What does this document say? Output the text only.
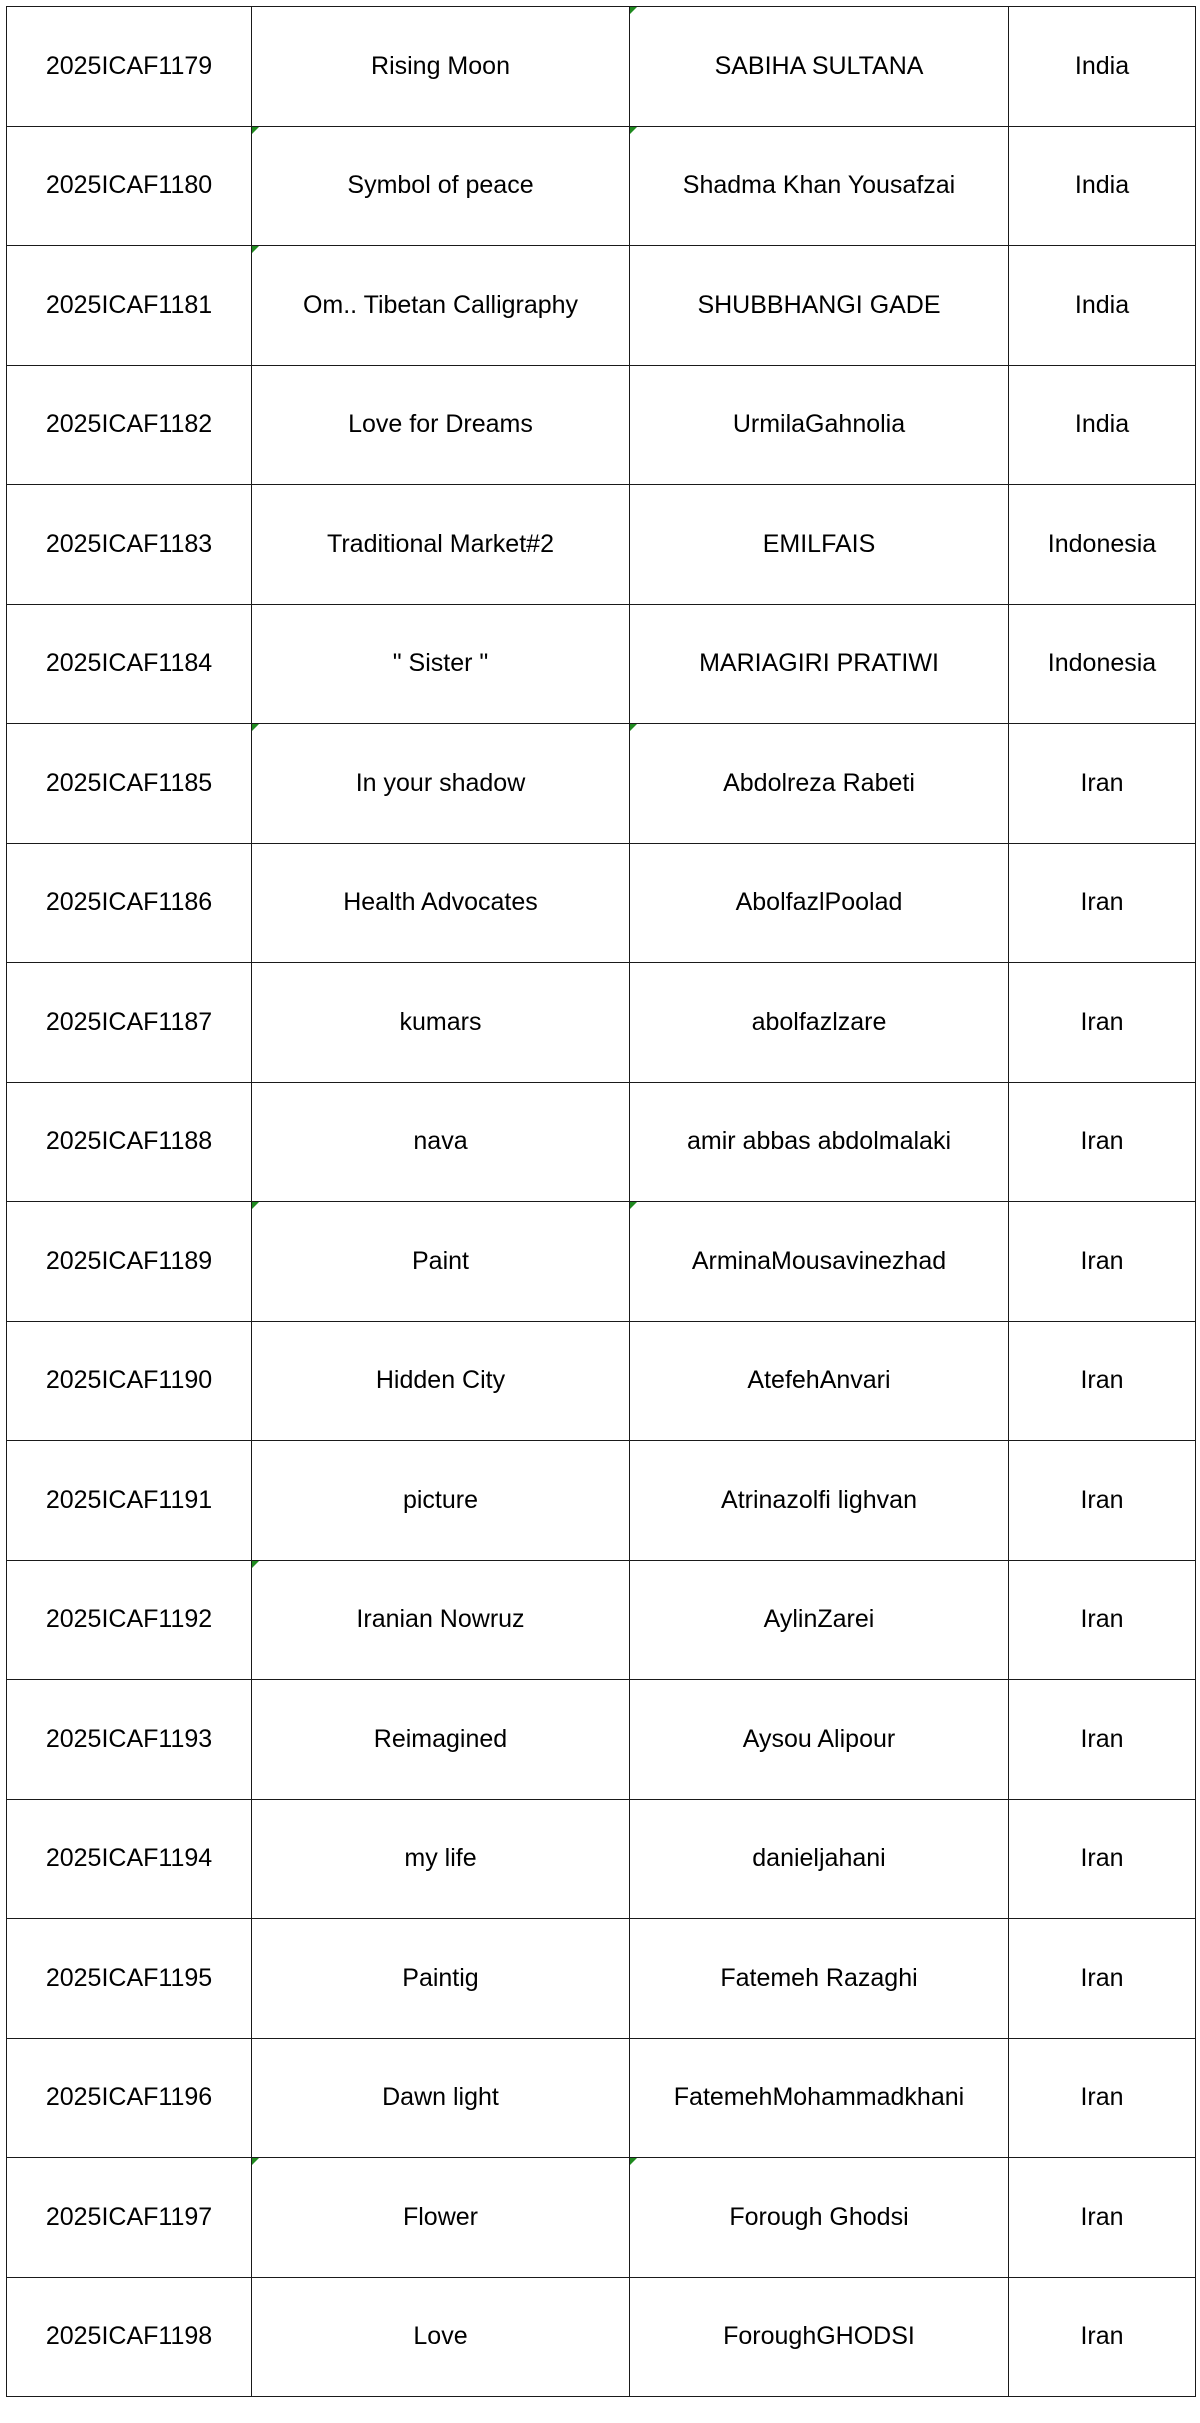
2025ICAF1179	Rising Moon	SABIHA SULTANA	India
2025ICAF1180	Symbol of peace	Shadma Khan Yousafzai	India
2025ICAF1181	Om.. Tibetan Calligraphy	SHUBBHANGI GADE	India
2025ICAF1182	Love for Dreams	UrmilaGahnolia	India
2025ICAF1183	Traditional Market#2	EMILFAIS	Indonesia
2025ICAF1184	" Sister "	MARIAGIRI PRATIWI	Indonesia
2025ICAF1185	In your shadow	Abdolreza Rabeti	Iran
2025ICAF1186	Health Advocates	AbolfazlPoolad	Iran
2025ICAF1187	kumars	abolfazlzare	Iran
2025ICAF1188	nava	amir abbas abdolmalaki	Iran
2025ICAF1189	Paint	ArminaMousavinezhad	Iran
2025ICAF1190	Hidden City	AtefehAnvari	Iran
2025ICAF1191	picture	Atrinazolfi lighvan	Iran
2025ICAF1192	Iranian Nowruz	AylinZarei	Iran
2025ICAF1193	Reimagined	Aysou Alipour	Iran
2025ICAF1194	my life	danieljahani	Iran
2025ICAF1195	Paintig	Fatemeh Razaghi	Iran
2025ICAF1196	Dawn light	FatemehMohammadkhani	Iran
2025ICAF1197	Flower	Forough Ghodsi	Iran
2025ICAF1198	Love	ForoughGHODSI	Iran
